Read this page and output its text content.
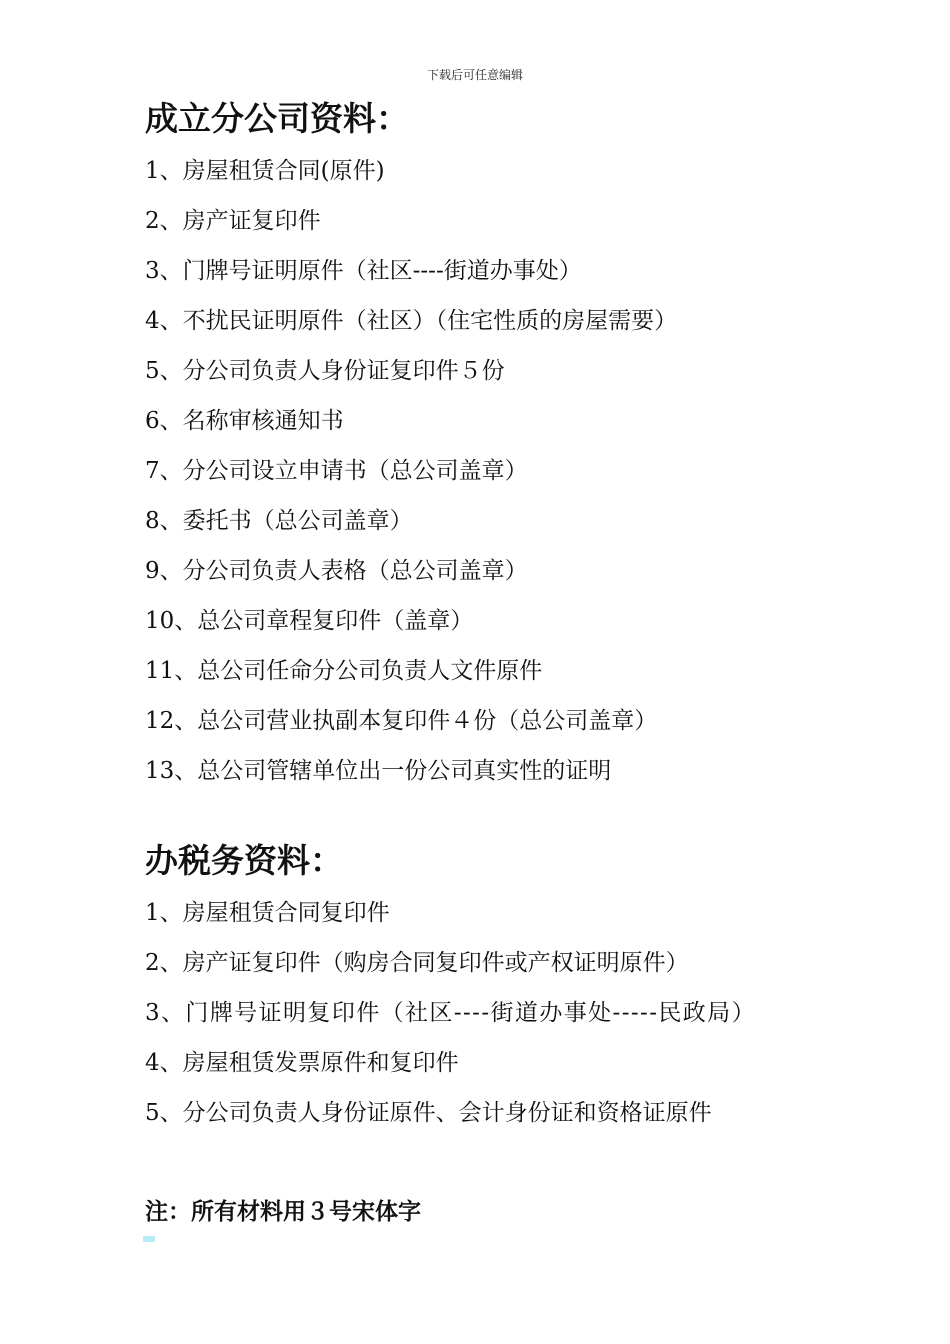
下载后可任意编辑
成立分公司资料：
1、房屋租赁合同(原件)
2、房产证复印件
3、门牌号证明原件（社区----街道办事处）
4、不扰民证明原件（社区）（住宅性质的房屋需要）
5、分公司负责人身份证复印件５份
6、名称审核通知书
7、分公司设立申请书（总公司盖章）
8、委托书（总公司盖章）
9、分公司负责人表格（总公司盖章）
10、总公司章程复印件（盖章）
11、总公司任命分公司负责人文件原件
12、总公司营业执副本复印件４份（总公司盖章）
13、总公司管辖单位出一份公司真实性的证明
办税务资料：
1、房屋租赁合同复印件
2、房产证复印件（购房合同复印件或产权证明原件）
3、门牌号证明复印件（社区----街道办事处-----民政局）
4、房屋租赁发票原件和复印件
5、分公司负责人身份证原件、会计身份证和资格证原件
注：所有材料用３号宋体字
